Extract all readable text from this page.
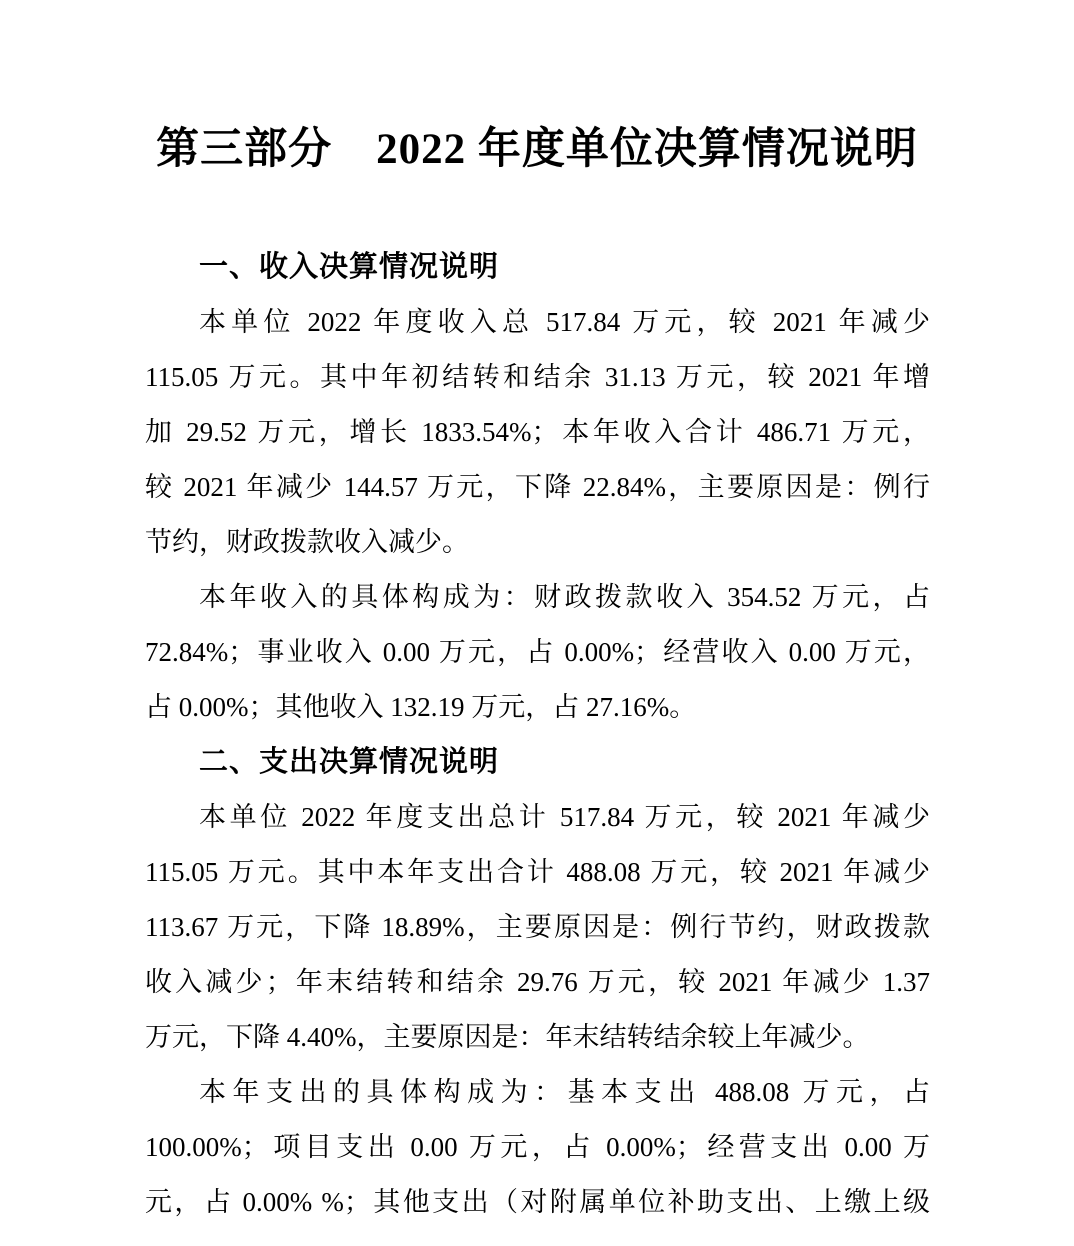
第三部分　2022 年度单位决算情况说明
一、收入决算情况说明
本单位 2022 年度收入总 517.84 万元，较 2021 年减少
115.05 万元。其中年初结转和结余 31.13 万元，较 2021 年增
加 29.52 万元，增长 1833.54%；本年收入合计 486.71 万元，
较 2021 年减少 144.57 万元，下降 22.84%，主要原因是：例行
节约，财政拨款收入减少。
本年收入的具体构成为：财政拨款收入 354.52 万元，占
72.84%；事业收入 0.00 万元，占 0.00%；经营收入 0.00 万元，
占 0.00%；其他收入 132.19 万元，占 27.16%。
二、支出决算情况说明
本单位 2022 年度支出总计 517.84 万元，较 2021 年减少
115.05 万元。其中本年支出合计 488.08 万元，较 2021 年减少
113.67 万元，下降 18.89%，主要原因是：例行节约，财政拨款
收入减少；年末结转和结余 29.76 万元，较 2021 年减少 1.37
万元，下降 4.40%，主要原因是：年末结转结余较上年减少。
本年支出的具体构成为：基本支出 488.08 万元，占
100.00%；项目支出 0.00 万元，占 0.00%；经营支出 0.00 万
元，占 0.00% %；其他支出（对附属单位补助支出、上缴上级
